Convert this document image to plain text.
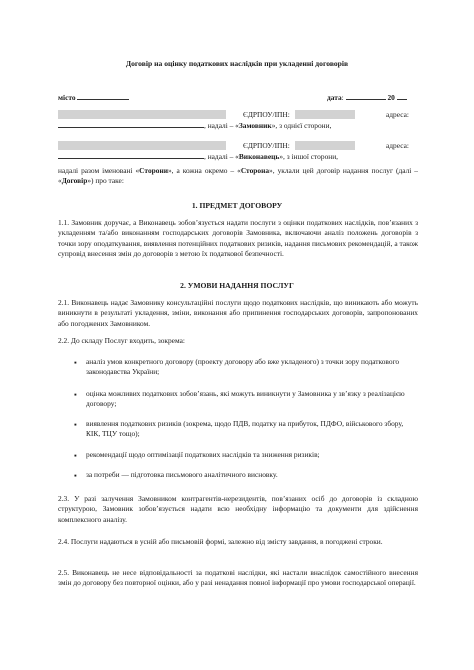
Договір на оцінку податкових наслідків при укладенні договорів
місто	дата:	20
ЄДРПОУ/ІПН:	адреса:
, надалі – «Замовник», з однієї сторони,
ЄДРПОУ/ІПН:	адреса:
, надалі – «Виконавець», з іншої сторони,

надалі разом іменовані «Сторони», а кожна окремо – «Сторона», уклали цей договір надання послуг (далі – «Договір») про таке:

1. ПРЕДМЕТ ДОГОВОРУ
1.1. Замовник доручає, а Виконавець зобов’язується надати послуги з оцінки податкових наслідків, пов’язаних з укладенням та/або виконанням господарських договорів Замовника, включаючи аналіз положень договорів з точки зору оподаткування, виявлення потенційних податкових ризиків, надання письмових рекомендацій, а також супровід внесення змін до договорів з метою їх податкової безпечності.
2. УМОВИ НАДАННЯ ПОСЛУГ
2.1. Виконавець надає Замовнику консультаційні послуги щодо податкових наслідків, що виникають або можуть виникнути в результаті укладення, зміни, виконання або припинення господарських договорів, запропонованих або погоджених Замовником.
2.2. До складу Послуг входить, зокрема:
▪ аналіз умов конкретного договору (проекту договору або вже укладеного) з точки зору податкового законодавства України;
▪ оцінка можливих податкових зобов’язань, які можуть виникнути у Замовника у зв’язку з реалізацією договору;
▪ виявлення податкових ризиків (зокрема, щодо ПДВ, податку на прибуток, ПДФО, військового збору, КІК, ТЦУ тощо);
▪ рекомендації щодо оптимізації податкових наслідків та зниження ризиків;
▪ за потреби — підготовка письмового аналітичного висновку.
2.3. У разі залучення Замовником контрагентів-нерезидентів, пов’язаних осіб до договорів із складною структурою, Замовник зобов’язується надати всю необхідну інформацію та документи для здійснення комплексного аналізу.
2.4. Послуги надаються в усній або письмовій формі, залежно від змісту завдання, в погоджені строки.
2.5. Виконавець не несе відповідальності за податкові наслідки, які настали внаслідок самостійного внесення змін до договору без повторної оцінки, або у разі ненадання повної інформації про умови господарської операції.
